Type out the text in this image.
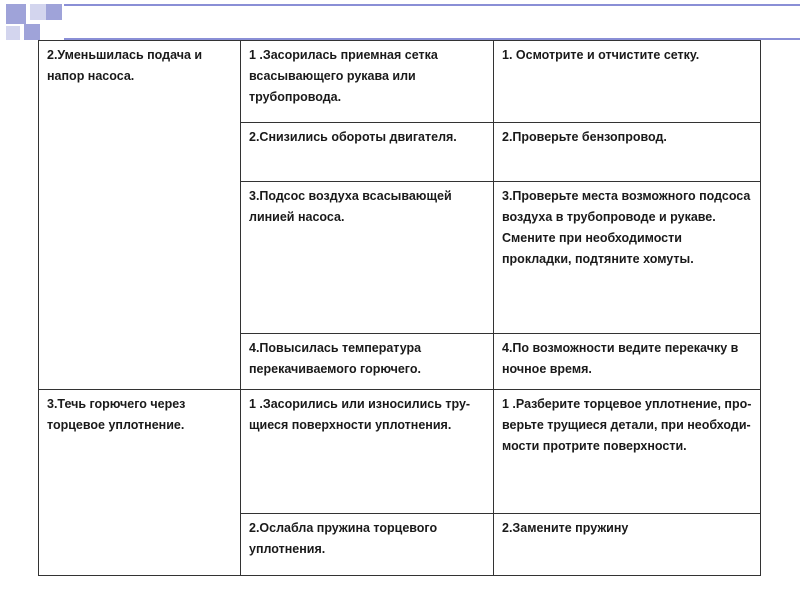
2.Уменьшилась подача и напор насоса.	1 .Засорилась приемная сетка всасывающего рукава или трубопровода.	1. Осмотрите и отчистите сетку.

	2.Снизились обороты двигателя.	2.Проверьте бензопровод.

	3.Подсос воздуха всасывающей линией насоса.	3.Проверьте места возможного подсоса воздуха в трубопроводе и рукаве. Смените при необходимости прокладки, подтяните хомуты.

	4.Повысилась температура перекачиваемого горючего.	4.По возможности ведите перекачку в ночное время.

3.Течь горючего через торцевое уплотнение.	1 .Засорились или износились тру-щиеся поверхности уплотнения.	1 .Разберите торцевое уплотнение, про-верьте трущиеся детали, при необходи-мости протрите поверхности.

	2.Ослабла пружина торцевого уплотнения.	2.Замените пружину
